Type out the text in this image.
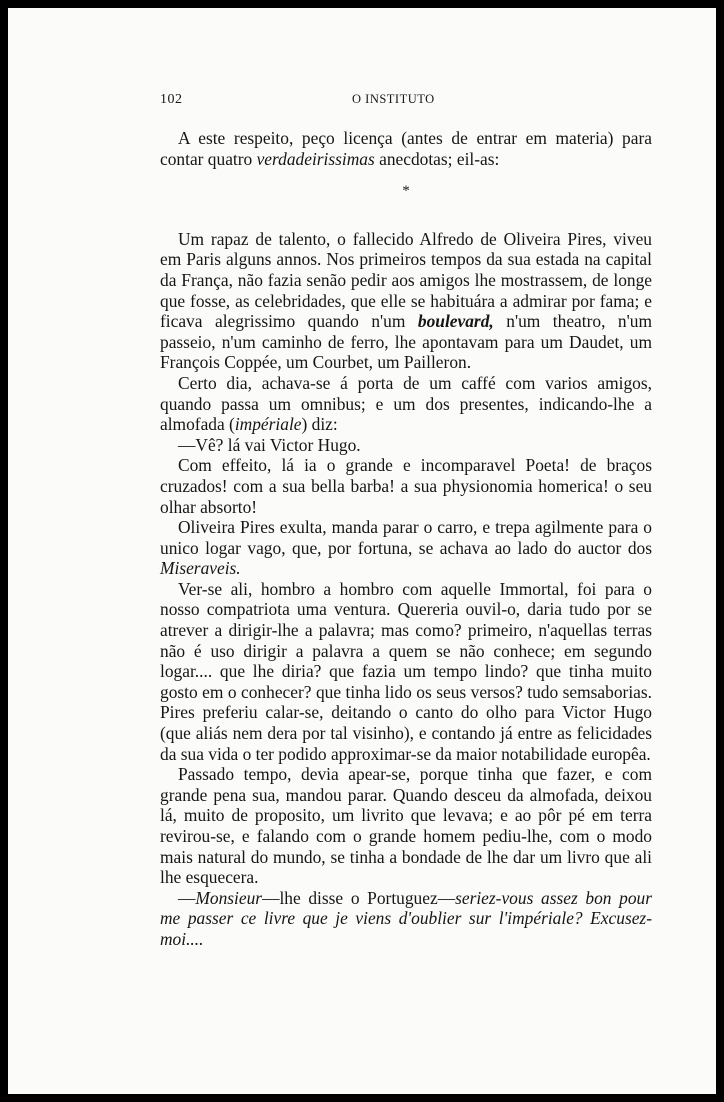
102	O INSTITUTO

A este respeito, peço licença (antes de entrar em materia) para contar quatro verdadeirissimas anecdotas; eil-as:

*

Um rapaz de talento, o fallecido Alfredo de Oliveira Pires, viveu em Paris alguns annos. Nos primeiros tempos da sua estada na capital da França, não fazia senão pedir aos amigos lhe mostrassem, de longe que fosse, as celebridades, que elle se habituára a admirar por fama; e ficava alegrissimo quando n'um boulevard, n'um theatro, n'um passeio, n'um caminho de ferro, lhe apontavam para um Daudet, um François Coppée, um Courbet, um Pailleron.

Certo dia, achava-se á porta de um caffé com varios amigos, quando passa um omnibus; e um dos presentes, indicando-lhe a almofada (impériale) diz:

—Vê? lá vai Victor Hugo.

Com effeito, lá ia o grande e incomparavel Poeta! de braços cruzados! com a sua bella barba! a sua physionomia homerica! o seu olhar absorto!

Oliveira Pires exulta, manda parar o carro, e trepa agilmente para o unico logar vago, que, por fortuna, se achava ao lado do auctor dos Miseraveis.

Ver-se ali, hombro a hombro com aquelle Immortal, foi para o nosso compatriota uma ventura. Quereria ouvil-o, daria tudo por se atrever a dirigir-lhe a palavra; mas como? primeiro, n'aquellas terras não é uso dirigir a palavra a quem se não conhece; em segundo logar.... que lhe diria? que fazia um tempo lindo? que tinha muito gosto em o conhecer? que tinha lido os seus versos? tudo semsaborias. Pires preferiu calar-se, deitando o canto do olho para Victor Hugo (que aliás nem dera por tal visinho), e contando já entre as felicidades da sua vida o ter podido approximar-se da maior notabilidade europêa.

Passado tempo, devia apear-se, porque tinha que fazer, e com grande pena sua, mandou parar. Quando desceu da almofada, deixou lá, muito de proposito, um livrito que levava; e ao pôr pé em terra revirou-se, e falando com o grande homem pediu-lhe, com o modo mais natural do mundo, se tinha a bondade de lhe dar um livro que ali lhe esquecera.

—Monsieur—lhe disse o Portuguez—seriez-vous assez bon pour me passer ce livre que je viens d'oublier sur l'impériale? Excusez-moi....
